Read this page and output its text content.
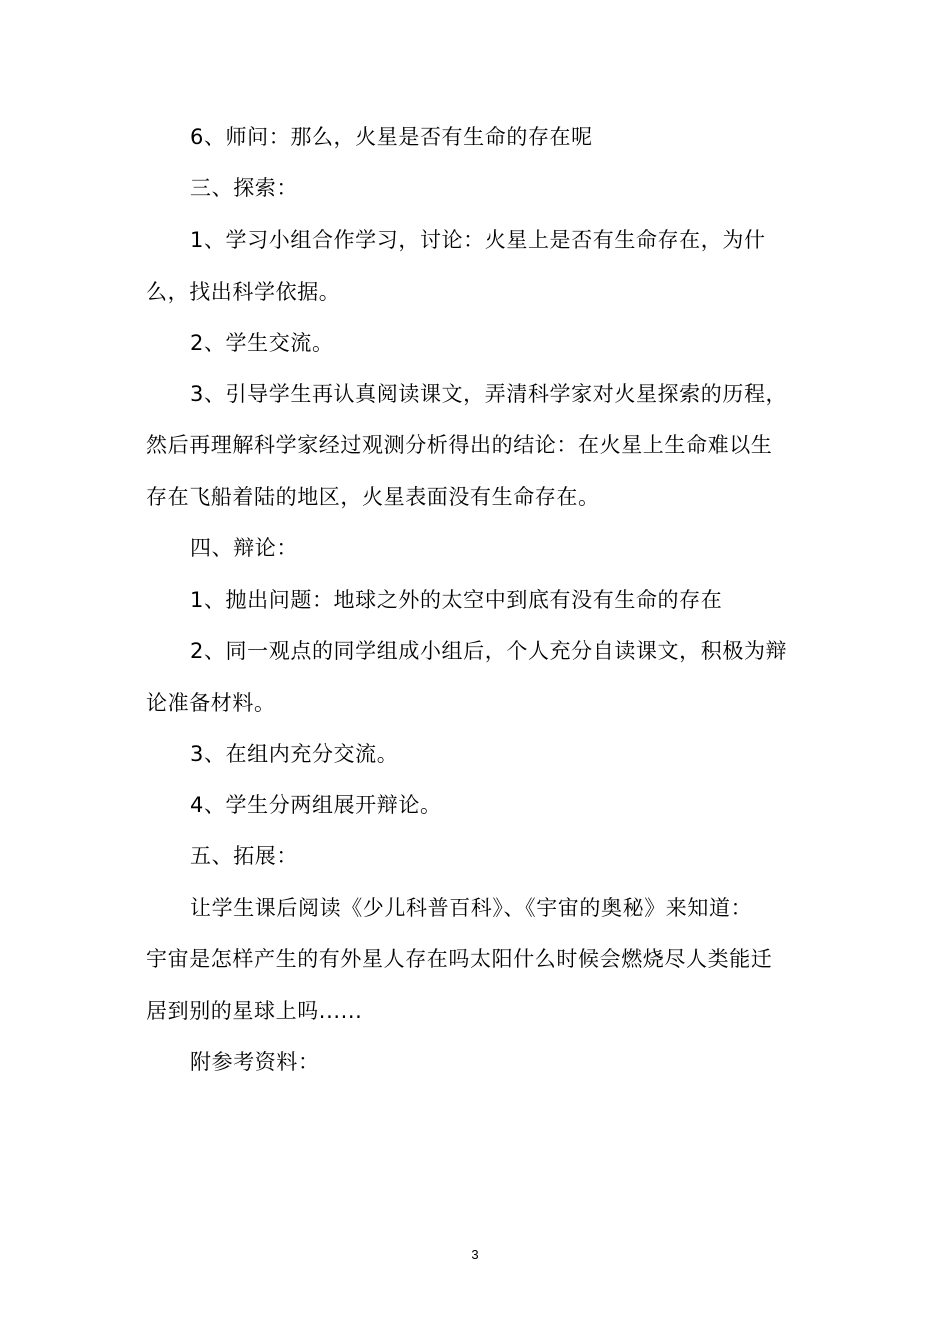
6、师问：那么，火星是否有生命的存在呢
三、探索：
1、学习小组合作学习，讨论：火星上是否有生命存在，为什
么，找出科学依据。
2、学生交流。
3、引导学生再认真阅读课文，弄清科学家对火星探索的历程，
然后再理解科学家经过观测分析得出的结论：在火星上生命难以生
存在飞船着陆的地区，火星表面没有生命存在。
四、辩论：
1、抛出问题：地球之外的太空中到底有没有生命的存在
2、同一观点的同学组成小组后，个人充分自读课文，积极为辩
论准备材料。
3、在组内充分交流。
4、学生分两组展开辩论。
五、拓展：
让学生课后阅读《少儿科普百科》、《宇宙的奥秘》来知道：
宇宙是怎样产生的有外星人存在吗太阳什么时候会燃烧尽人类能迁
居到别的星球上吗......
附参考资料：
3
